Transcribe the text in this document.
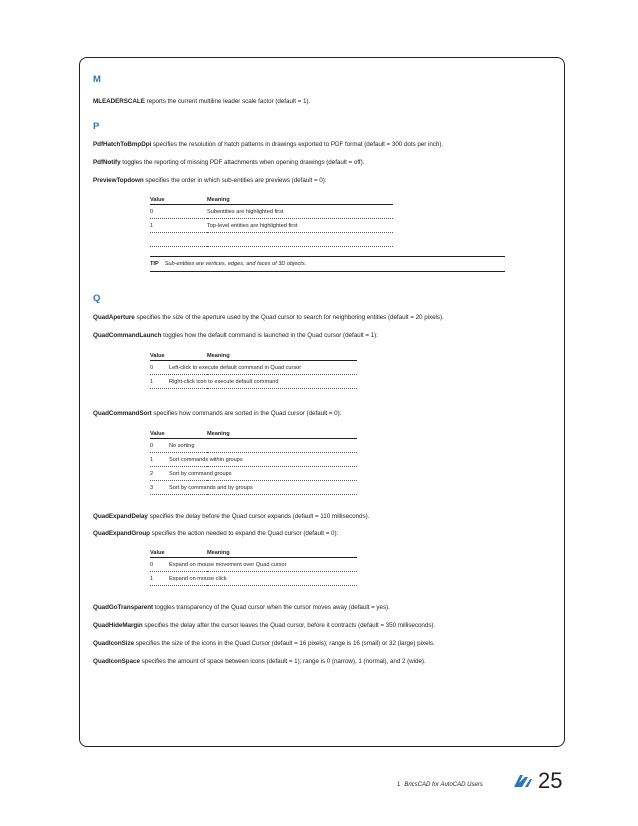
M

MLEADERSCALE reports the current multiline leader scale factor (default = 1).

P

PdfHatchToBmpDpi specifies the resolution of hatch patterns in drawings exported to PDF format (default = 300 dots per inch).

PdfNotify toggles the reporting of missing PDF attachments when opening drawings (default = off).

PreviewTopdown specifies the order in which sub-entities are previews (default = 0):

Value	Meaning
0	Subentities are highlighted first
1	Top-level entities are highlighted first

TIP Sub-entities are vertices, edges, and faces of 3D objects.

Q

QuadAperture specifies the size of the aperture used by the Quad cursor to search for neighboring entities (default = 20 pixels).

QuadCommandLaunch toggles how the default command is launched in the Quad cursor (default = 1):

Value	Meaning
0	Left-click to execute default command in Quad cursor
1	Right-click icon to execute default command

QuadCommandSort specifies how commands are sorted in the Quad cursor (default = 0):

Value	Meaning
0	No sorting
1	Sort commands within groups
2	Sort by command groups
3	Sort by commands and by groups

QuadExpandDelay specifies the delay before the Quad cursor expands (default = 110 milliseconds).

QuadExpandGroup specifies the action needed to expand the Quad cursor (default = 0):

Value	Meaning
0	Expand on mouse movement over Quad cursor
1	Expand on mouse click

QuadGoTransparent toggles transparency of the Quad cursor when the cursor moves away (default = yes).

QuadHideMargin specifies the delay after the cursor leaves the Quad cursor, before it contracts (default = 350 milliseconds).

QuadIconSize specifies the size of the icons in the Quad Cursor (default = 16 pixels); range is 16 (small) or 32 (large) pixels.

QuadIconSpace specifies the amount of space between icons (default = 1); range is 0 (narrow), 1 (normal), and 2 (wide).

1 BricsCAD for AutoCAD Users	25
